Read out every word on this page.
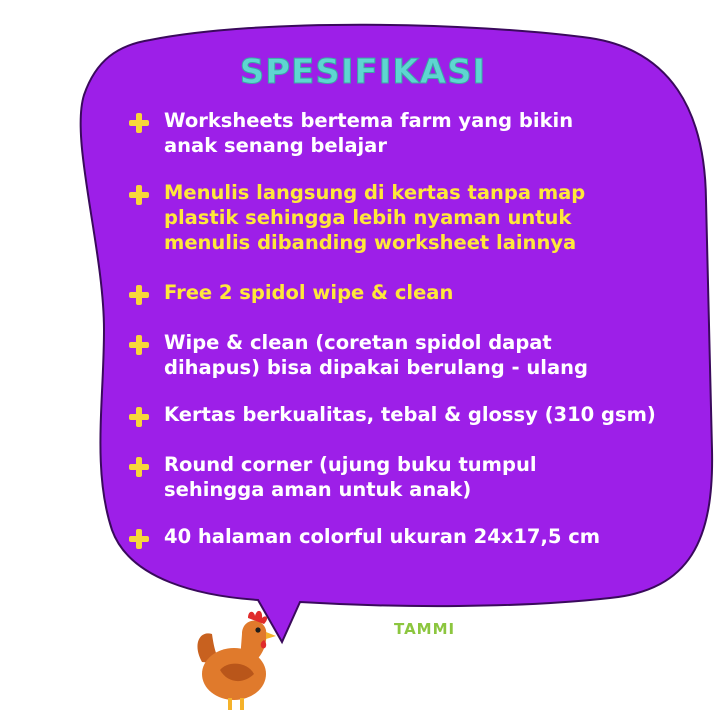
SPESIFIKASI
Worksheets bertema farm yang bikin
anak senang belajar
Menulis langsung di kertas tanpa map
plastik sehingga lebih nyaman untuk
menulis dibanding worksheet lainnya
Free 2 spidol wipe & clean
Wipe & clean (coretan spidol dapat
dihapus) bisa dipakai berulang - ulang
Kertas berkualitas, tebal & glossy (310 gsm)
Round corner (ujung buku tumpul
sehingga aman untuk anak)
40 halaman colorful ukuran 24x17,5 cm
TAMMI
